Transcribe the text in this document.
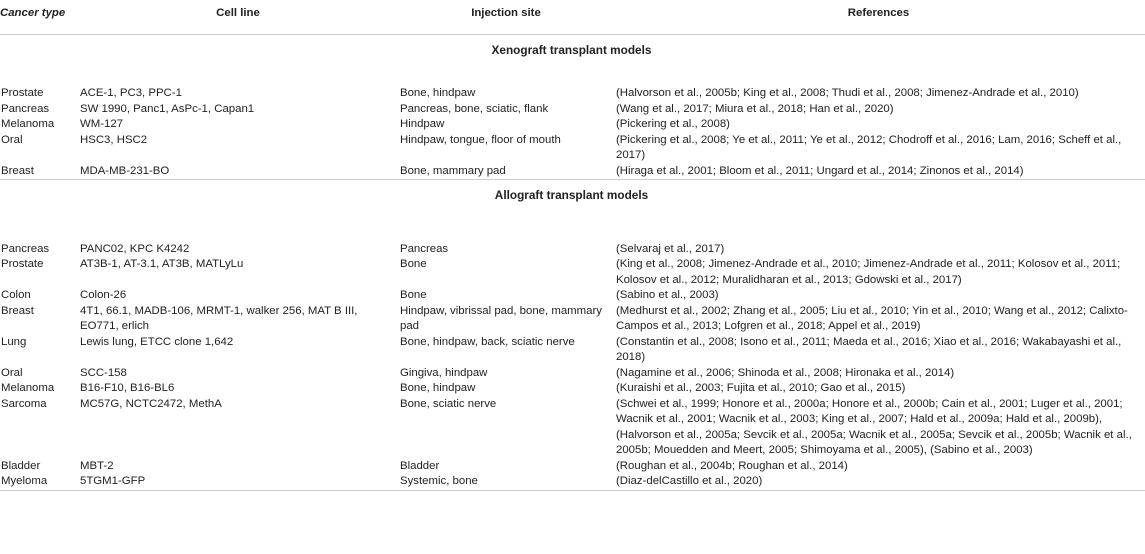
Cancer type	Cell line	Injection site	References
Xenograft transplant models			
Prostate	ACE-1, PC3, PPC-1	Bone, hindpaw	(Halvorson et al., 2005b; King et al., 2008; Thudi et al., 2008; Jimenez-Andrade et al., 2010)
Pancreas	SW 1990, Panc1, AsPc-1, Capan1	Pancreas, bone, sciatic, flank	(Wang et al., 2017; Miura et al., 2018; Han et al., 2020)
Melanoma	WM-127	Hindpaw	(Pickering et al., 2008)
Oral	HSC3, HSC2	Hindpaw, tongue, floor of mouth	(Pickering et al., 2008; Ye et al., 2011; Ye et al., 2012; Chodroff et al., 2016; Lam, 2016; Scheff et al., 2017)
Breast	MDA-MB-231-BO	Bone, mammary pad	(Hiraga et al., 2001; Bloom et al., 2011; Ungard et al., 2014; Zinonos et al., 2014)
Allograft transplant models			
Pancreas	PANC02, KPC K4242	Pancreas	(Selvaraj et al., 2017)
Prostate	AT3B-1, AT-3.1, AT3B, MATLyLu	Bone	(King et al., 2008; Jimenez-Andrade et al., 2010; Jimenez-Andrade et al., 2011; Kolosov et al., 2011; Kolosov et al., 2012; Muralidharan et al., 2013; Gdowski et al., 2017)
Colon	Colon-26	Bone	(Sabino et al., 2003)
Breast	4T1, 66.1, MADB-106, MRMT-1, walker 256, MAT B III, EO771, erlich	Hindpaw, vibrissal pad, bone, mammary pad	(Medhurst et al., 2002; Zhang et al., 2005; Liu et al., 2010; Yin et al., 2010; Wang et al., 2012; Calixto-Campos et al., 2013; Lofgren et al., 2018; Appel et al., 2019)
Lung	Lewis lung, ETCC clone 1,642	Bone, hindpaw, back, sciatic nerve	(Constantin et al., 2008; Isono et al., 2011; Maeda et al., 2016; Xiao et al., 2016; Wakabayashi et al., 2018)
Oral	SCC-158	Gingiva, hindpaw	(Nagamine et al., 2006; Shinoda et al., 2008; Hironaka et al., 2014)
Melanoma	B16-F10, B16-BL6	Bone, hindpaw	(Kuraishi et al., 2003; Fujita et al., 2010; Gao et al., 2015)
Sarcoma	MC57G, NCTC2472, MethA	Bone, sciatic nerve	(Schwei et al., 1999; Honore et al., 2000a; Honore et al., 2000b; Cain et al., 2001; Luger et al., 2001; Wacnik et al., 2001; Wacnik et al., 2003; King et al., 2007; Hald et al., 2009a; Hald et al., 2009b), (Halvorson et al., 2005a; Sevcik et al., 2005a; Wacnik et al., 2005a; Sevcik et al., 2005b; Wacnik et al., 2005b; Mouedden and Meert, 2005; Shimoyama et al., 2005), (Sabino et al., 2003)
Bladder	MBT-2	Bladder	(Roughan et al., 2004b; Roughan et al., 2014)
Myeloma	5TGM1-GFP	Systemic, bone	(Diaz-delCastillo et al., 2020)
